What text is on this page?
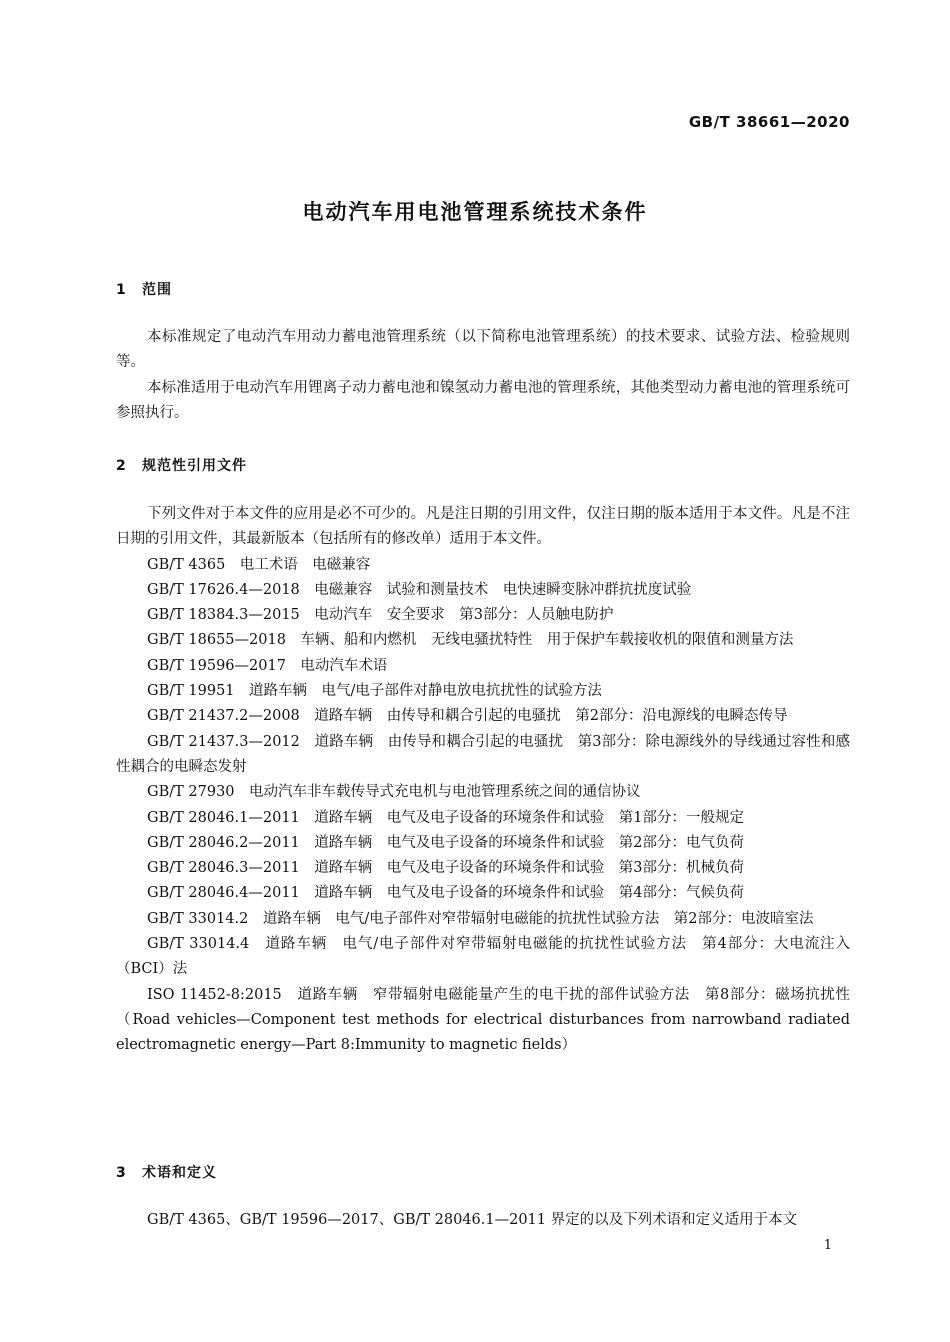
GB/T 38661—2020
电动汽车用电池管理系统技术条件
1 范围

本标准规定了电动汽车用动力蓄电池管理系统（以下简称电池管理系统）的技术要求、试验方法、检验规则等。

本标准适用于电动汽车用锂离子动力蓄电池和镍氢动力蓄电池的管理系统，其他类型动力蓄电池的管理系统可参照执行。

2 规范性引用文件

下列文件对于本文件的应用是必不可少的。凡是注日期的引用文件，仅注日期的版本适用于本文件。凡是不注日期的引用文件，其最新版本（包括所有的修改单）适用于本文件。

GB/T 4365　电工术语　电磁兼容

GB/T 17626.4—2018　电磁兼容　试验和测量技术　电快速瞬变脉冲群抗扰度试验

GB/T 18384.3—2015　电动汽车　安全要求　第3部分：人员触电防护

GB/T 18655—2018　车辆、船和内燃机　无线电骚扰特性　用于保护车载接收机的限值和测量方法

GB/T 19596—2017　电动汽车术语

GB/T 19951　道路车辆　电气/电子部件对静电放电抗扰性的试验方法

GB/T 21437.2—2008　道路车辆　由传导和耦合引起的电骚扰　第2部分：沿电源线的电瞬态传导

GB/T 21437.3—2012　道路车辆　由传导和耦合引起的电骚扰　第3部分：除电源线外的导线通过容性和感性耦合的电瞬态发射

GB/T 27930　电动汽车非车载传导式充电机与电池管理系统之间的通信协议

GB/T 28046.1—2011　道路车辆　电气及电子设备的环境条件和试验　第1部分：一般规定

GB/T 28046.2—2011　道路车辆　电气及电子设备的环境条件和试验　第2部分：电气负荷

GB/T 28046.3—2011　道路车辆　电气及电子设备的环境条件和试验　第3部分：机械负荷

GB/T 28046.4—2011　道路车辆　电气及电子设备的环境条件和试验　第4部分：气候负荷

GB/T 33014.2　道路车辆　电气/电子部件对窄带辐射电磁能的抗扰性试验方法　第2部分：电波暗室法

GB/T 33014.4　道路车辆　电气/电子部件对窄带辐射电磁能的抗扰性试验方法　第4部分：大电流注入（BCI）法

ISO 11452-8:2015　道路车辆　窄带辐射电磁能量产生的电干扰的部件试验方法　第8部分：磁场抗扰性（Road vehicles—Component test methods for electrical disturbances from narrowband radiated electromagnetic energy—Part 8:Immunity to magnetic fields）

3 术语和定义

GB/T 4365、GB/T 19596—2017、GB/T 28046.1—2011 界定的以及下列术语和定义适用于本文

1
